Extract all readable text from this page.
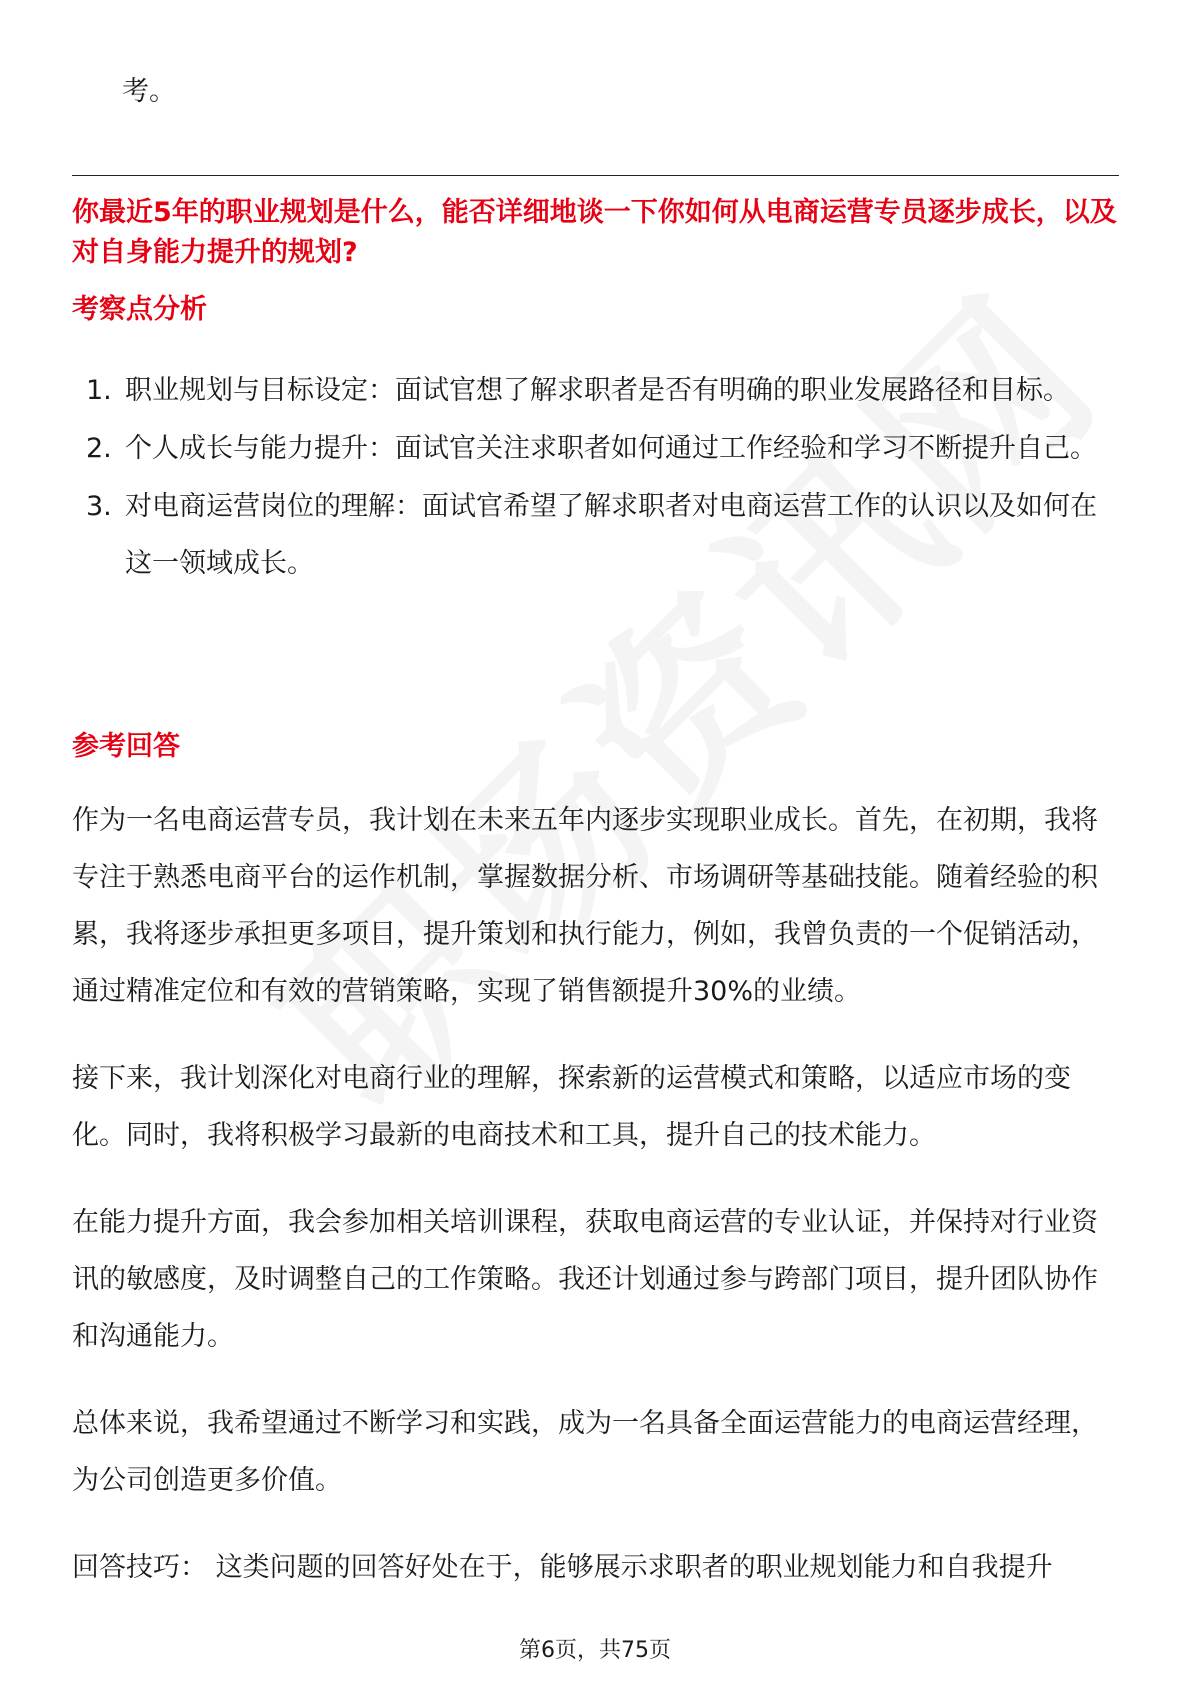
考。
你最近5年的职业规划是什么，能否详细地谈一下你如何从电商运营专员逐步成长，以及对自身能力提升的规划?
考察点分析
1. 职业规划与目标设定：面试官想了解求职者是否有明确的职业发展路径和目标。
2. 个人成长与能力提升：面试官关注求职者如何通过工作经验和学习不断提升自己。
3. 对电商运营岗位的理解：面试官希望了解求职者对电商运营工作的认识以及如何在这一领域成长。
参考回答

作为一名电商运营专员，我计划在未来五年内逐步实现职业成长。首先，在初期，我将专注于熟悉电商平台的运作机制，掌握数据分析、市场调研等基础技能。随着经验的积累，我将逐步承担更多项目，提升策划和执行能力，例如，我曾负责的一个促销活动，通过精准定位和有效的营销策略，实现了销售额提升30%的业绩。

接下来，我计划深化对电商行业的理解，探索新的运营模式和策略，以适应市场的变化。同时，我将积极学习最新的电商技术和工具，提升自己的技术能力。

在能力提升方面，我会参加相关培训课程，获取电商运营的专业认证，并保持对行业资讯的敏感度，及时调整自己的工作策略。我还计划通过参与跨部门项目，提升团队协作和沟通能力。

总体来说，我希望通过不断学习和实践，成为一名具备全面运营能力的电商运营经理，为公司创造更多价值。

回答技巧： 这类问题的回答好处在于，能够展示求职者的职业规划能力和自我提升

第6页，共75页
